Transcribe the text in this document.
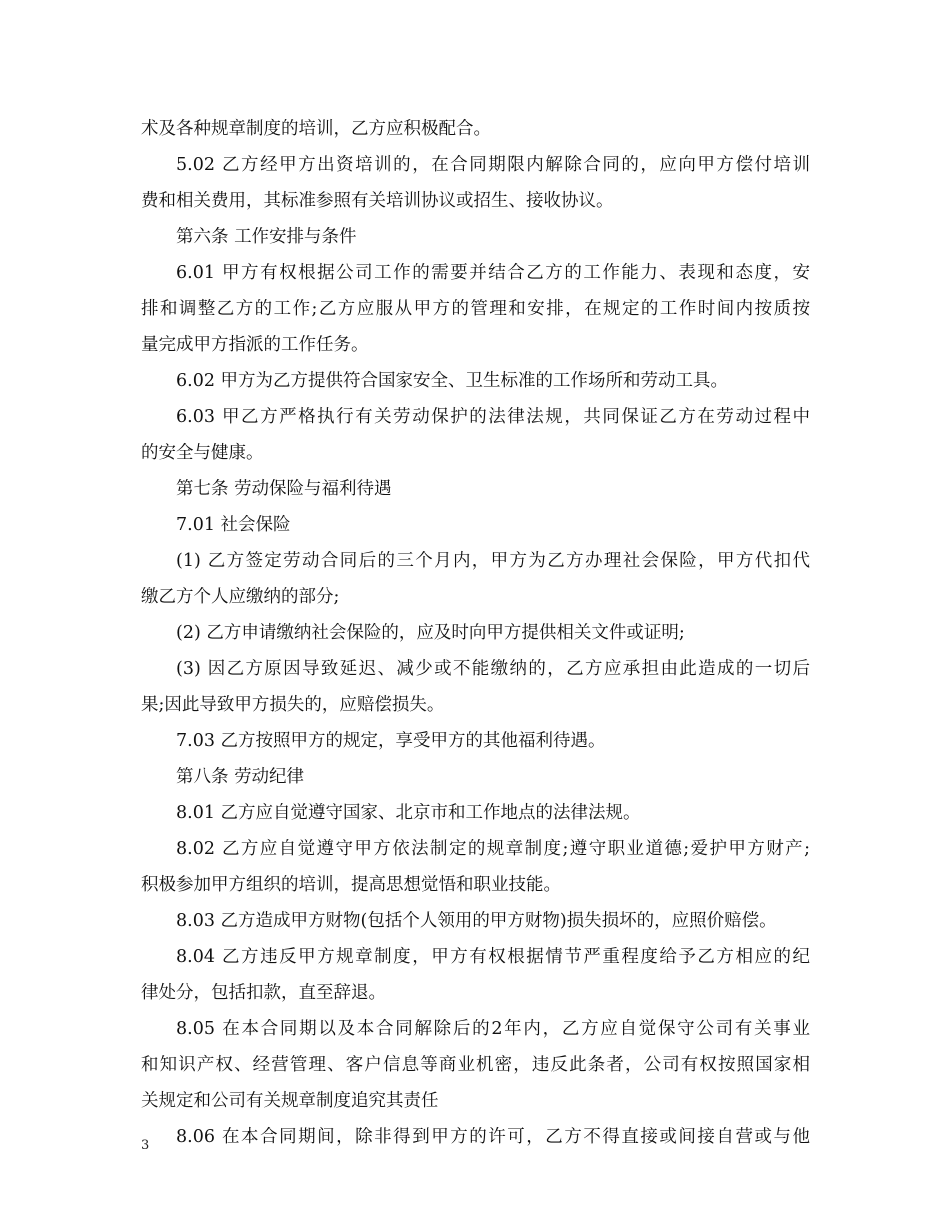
术及各种规章制度的培训，乙方应积极配合。
5.02 乙方经甲方出资培训的，在合同期限内解除合同的，应向甲方偿付培训
费和相关费用，其标准参照有关培训协议或招生、接收协议。
第六条 工作安排与条件
6.01 甲方有权根据公司工作的需要并结合乙方的工作能力、表现和态度，安
排和调整乙方的工作;乙方应服从甲方的管理和安排，在规定的工作时间内按质按
量完成甲方指派的工作任务。
6.02 甲方为乙方提供符合国家安全、卫生标准的工作场所和劳动工具。
6.03 甲乙方严格执行有关劳动保护的法律法规，共同保证乙方在劳动过程中
的安全与健康。
第七条 劳动保险与福利待遇
7.01 社会保险
(1) 乙方签定劳动合同后的三个月内，甲方为乙方办理社会保险，甲方代扣代
缴乙方个人应缴纳的部分;
(2) 乙方申请缴纳社会保险的，应及时向甲方提供相关文件或证明;
(3) 因乙方原因导致延迟、减少或不能缴纳的，乙方应承担由此造成的一切后
果;因此导致甲方损失的，应赔偿损失。
7.03 乙方按照甲方的规定，享受甲方的其他福利待遇。
第八条 劳动纪律
8.01 乙方应自觉遵守国家、北京市和工作地点的法律法规。
8.02 乙方应自觉遵守甲方依法制定的规章制度;遵守职业道德;爱护甲方财产;
积极参加甲方组织的培训，提高思想觉悟和职业技能。
8.03 乙方造成甲方财物(包括个人领用的甲方财物)损失损坏的，应照价赔偿。
8.04 乙方违反甲方规章制度，甲方有权根据情节严重程度给予乙方相应的纪
律处分，包括扣款，直至辞退。
8.05 在本合同期以及本合同解除后的2年内，乙方应自觉保守公司有关事业
和知识产权、经营管理、客户信息等商业机密，违反此条者，公司有权按照国家相
关规定和公司有关规章制度追究其责任
8.06 在本合同期间，除非得到甲方的许可，乙方不得直接或间接自营或与他
3
